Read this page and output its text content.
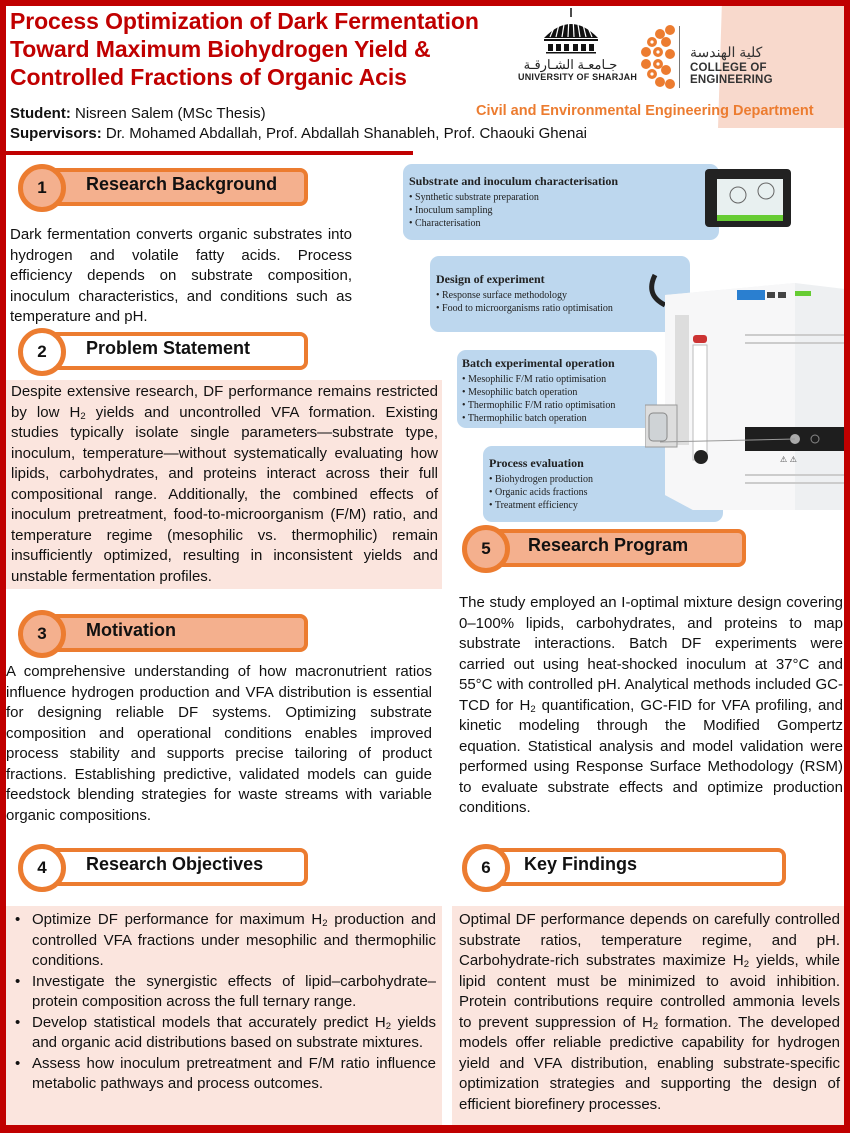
Process Optimization of Dark Fermentation
Toward Maximum Biohydrogen Yield &
Controlled Fractions of Organic Acis
Student: Nisreen Salem (MSc Thesis)
Supervisors: Dr. Mohamed Abdallah, Prof. Abdallah Shanableh, Prof. Chaouki Ghenai
Civil and Environmental Engineering Department
جـامعـة الشـارقـة
UNIVERSITY OF SHARJAH
كلية الهندسة
COLLEGE OF ENGINEERING
1	Research Background
Dark fermentation converts organic substrates into hydrogen and volatile fatty acids. Process efficiency depends on substrate composition, inoculum characteristics, and conditions such as temperature and pH.
2	Problem Statement
Despite extensive research, DF performance remains restricted by low $H_2$ yields and uncontrolled VFA formation. Existing studies typically isolate single parameters—substrate type, inoculum, temperature—without systematically evaluating how lipids, carbohydrates, and proteins interact across their full compositional range. Additionally, the combined effects of inoculum pretreatment, food-to-microorganism (F/M) ratio, and temperature regime (mesophilic vs. thermophilic) remain insufficiently optimized, resulting in inconsistent yields and unstable fermentation profiles.
3	Motivation
A comprehensive understanding of how macronutrient ratios influence hydrogen production and VFA distribution is essential for designing reliable DF systems. Optimizing substrate composition and operational conditions enables improved process stability and supports precise tailoring of product fractions. Establishing predictive, validated models can guide feedstock blending strategies for waste streams with variable organic compositions.
4	Research Objectives
• Optimize DF performance for maximum $H_2$ production and controlled VFA fractions under mesophilic and thermophilic conditions.
• Investigate the synergistic effects of lipid–carbohydrate–protein composition across the full ternary range.
• Develop statistical models that accurately predict $H_2$ yields and organic acid distributions based on substrate mixtures.
• Assess how inoculum pretreatment and F/M ratio influence metabolic pathways and process outcomes.
Substrate and inoculum characterisation
• Synthetic substrate preparation
• Inoculum sampling
• Characterisation
Design of experiment
• Response surface methodology
• Food to microorganisms ratio optimisation
Batch experimental operation
• Mesophilic F/M ratio optimisation
• Mesophilic batch operation
• Thermophilic F/M ratio optimisation
• Thermophilic batch operation
Process evaluation
• Biohydrogen production
• Organic acids fractions
• Treatment efficiency
⚠ ⚠
5	Research Program
The study employed an I-optimal mixture design covering 0–100% lipids, carbohydrates, and proteins to map substrate interactions. Batch DF experiments were carried out using heat-shocked inoculum at 37°C and 55°C with controlled pH. Analytical methods included GC-TCD for $H_2$ quantification, GC-FID for VFA profiling, and kinetic modeling through the Modified Gompertz equation. Statistical analysis and model validation were performed using Response Surface Methodology (RSM) to evaluate substrate effects and optimize production conditions.
6	Key Findings
Optimal DF performance depends on carefully controlled substrate ratios, temperature regime, and pH. Carbohydrate-rich substrates maximize $H_2$ yields, while lipid content must be minimized to avoid inhibition. Protein contributions require controlled ammonia levels to prevent suppression of $H_2$ formation. The developed models offer reliable predictive capability for hydrogen yield and VFA distribution, enabling substrate-specific optimization strategies and supporting the design of efficient biorefinery processes.
